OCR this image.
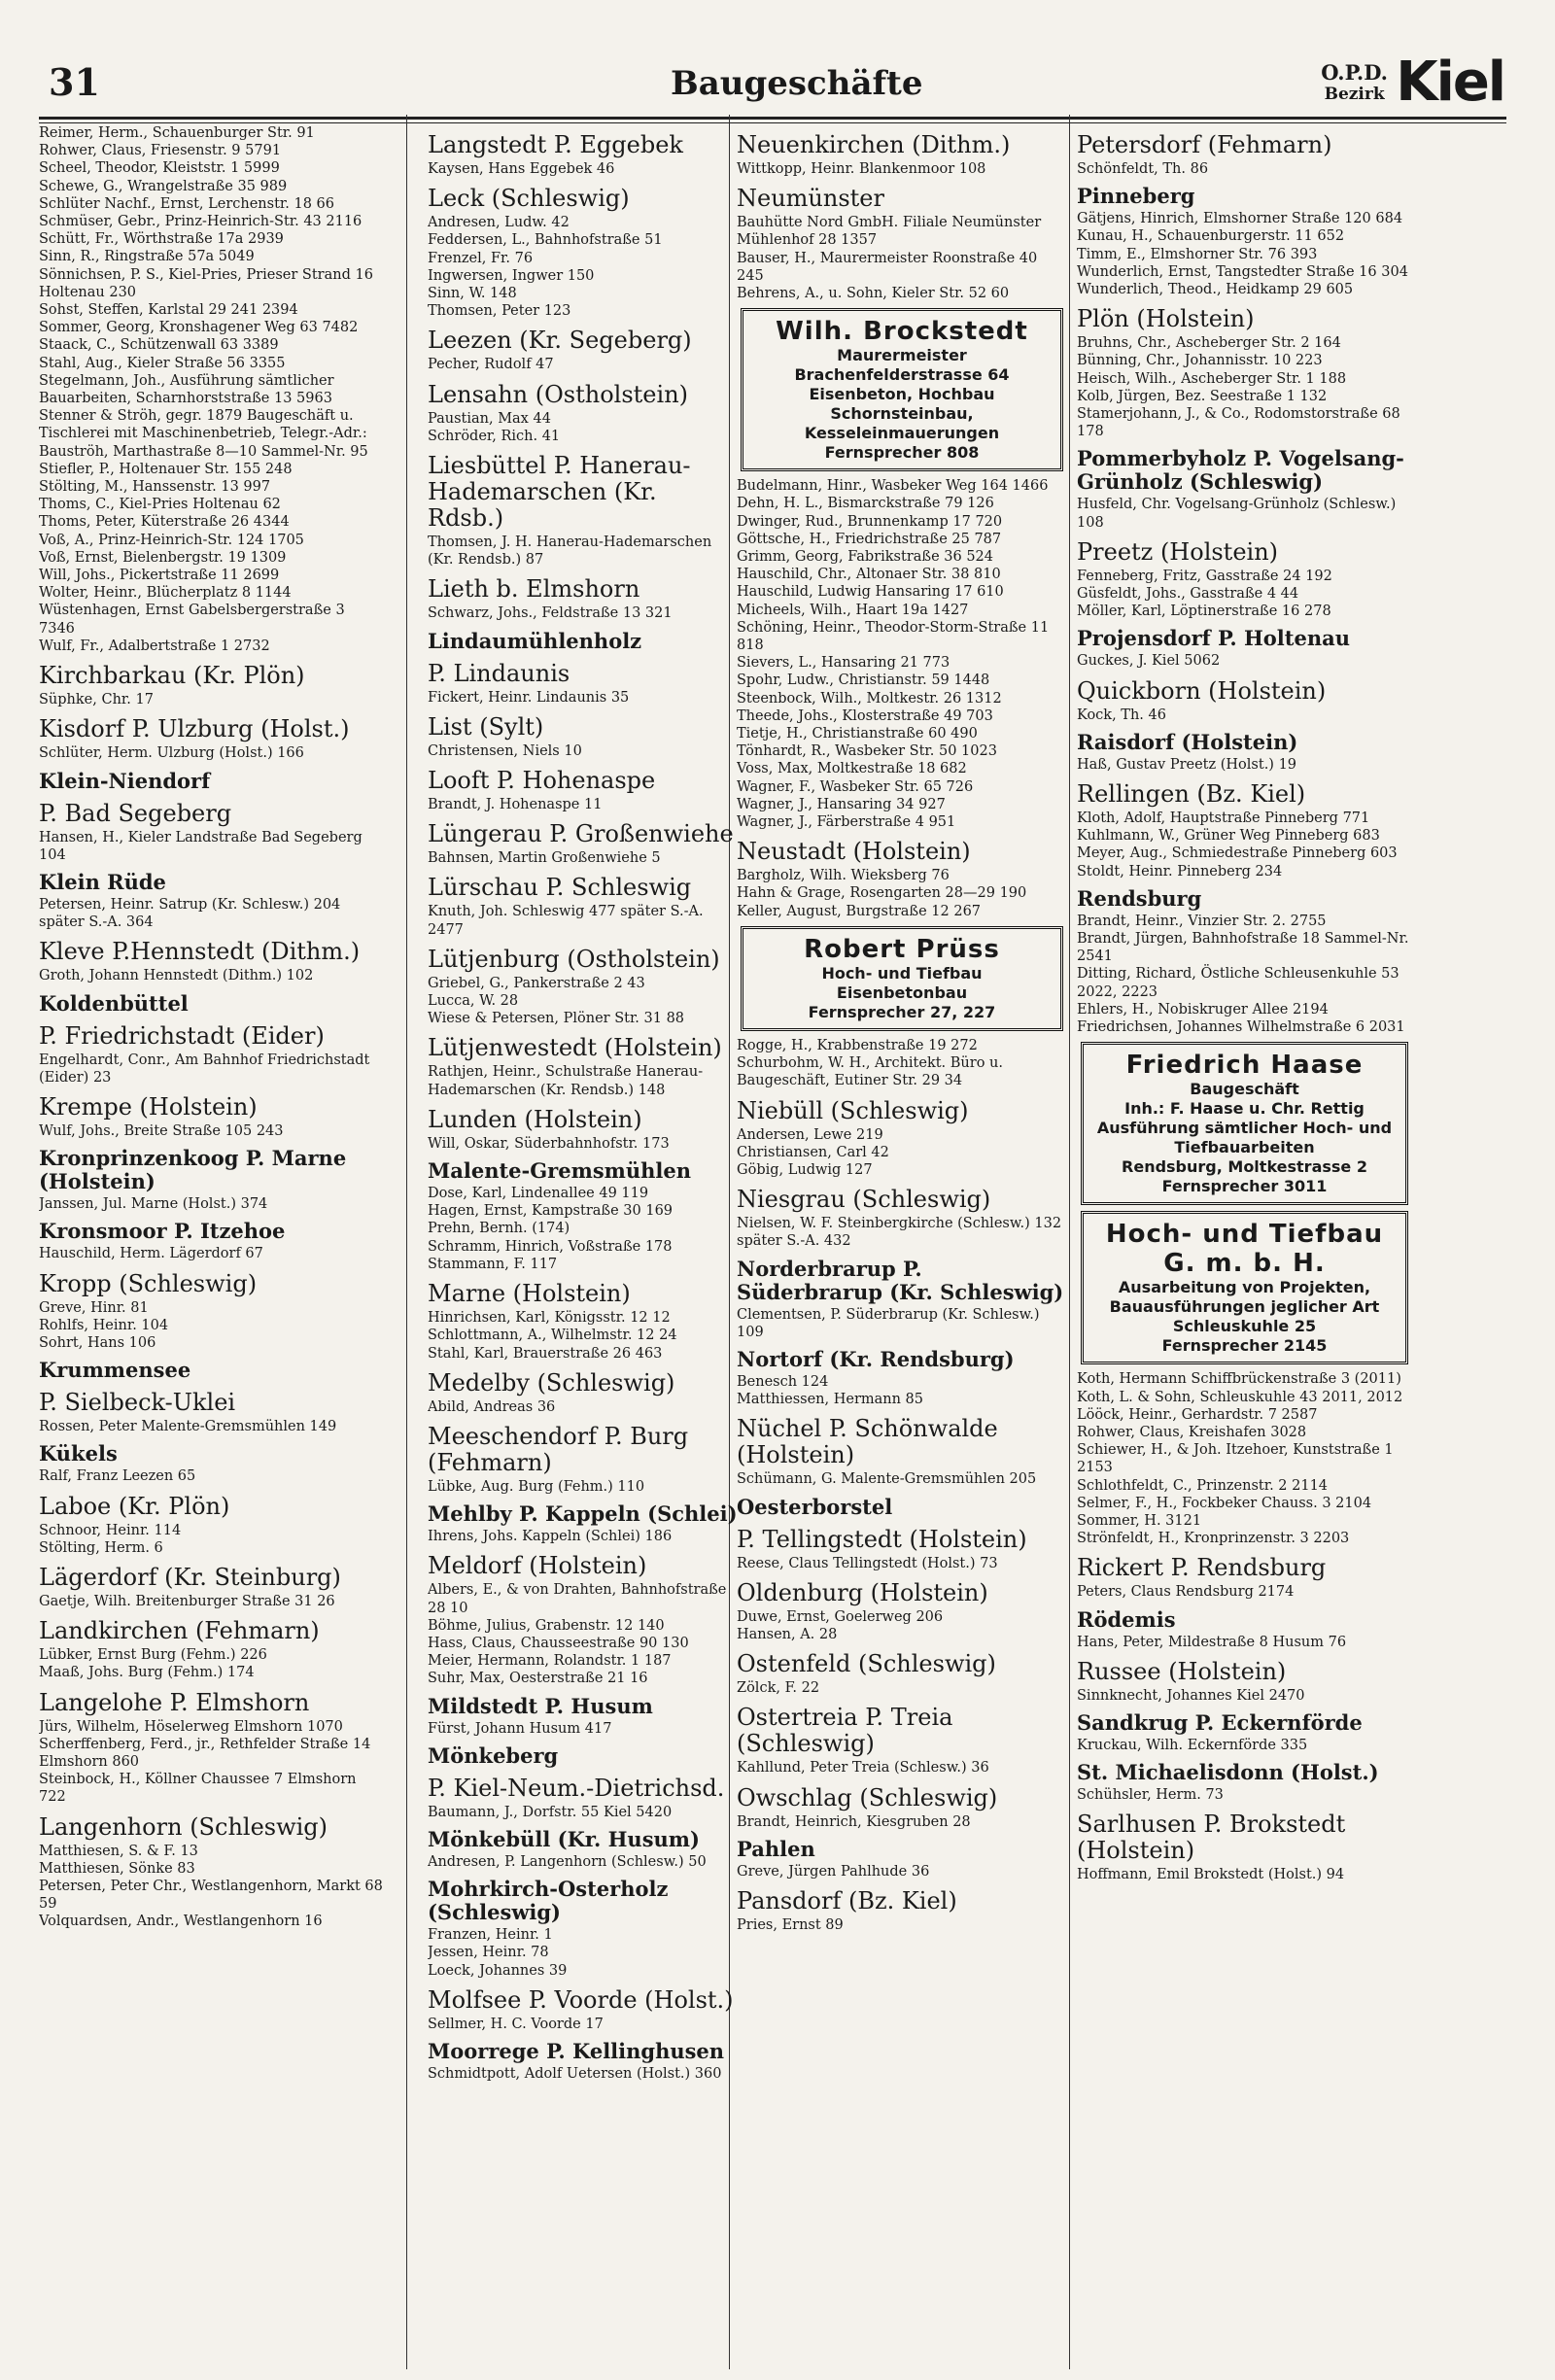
31	Baugeschäfte	O.P.D.
Bezirk Kiel

Reimer, Herm., Schauenburger Str. 91

Rohwer, Claus, Friesenstr. 9 5791

Scheel, Theodor, Kleiststr. 1 5999

Schewe, G., Wrangelstraße 35 989

Schlüter Nachf., Ernst, Lerchenstr. 18 66

Schmüser, Gebr., Prinz-Heinrich-Str. 43 2116

Schütt, Fr., Wörthstraße 17a 2939

Sinn, R., Ringstraße 57a 5049

Sönnichsen, P. S., Kiel-Pries, Prieser Strand 16 Holtenau 230

Sohst, Steffen, Karlstal 29 241 2394

Sommer, Georg, Kronshagener Weg 63 7482

Staack, C., Schützenwall 63 3389

Stahl, Aug., Kieler Straße 56 3355

Stegelmann, Joh., Ausführung sämtlicher Bauarbeiten, Scharnhorststraße 13 5963

Stenner & Ströh, gegr. 1879 Baugeschäft u. Tischlerei mit Maschinenbetrieb, Telegr.-Adr.: Bauströh, Marthastraße 8—10 Sammel-Nr. 95

Stiefler, P., Holtenauer Str. 155 248

Stölting, M., Hanssenstr. 13 997

Thoms, C., Kiel-Pries Holtenau 62

Thoms, Peter, Küterstraße 26 4344

Voß, A., Prinz-Heinrich-Str. 124 1705

Voß, Ernst, Bielenbergstr. 19 1309

Will, Johs., Pickertstraße 11 2699

Wolter, Heinr., Blücherplatz 8 1144

Wüstenhagen, Ernst Gabelsbergerstraße 3 7346

Wulf, Fr., Adalbertstraße 1 2732

Kirchbarkau (Kr. Plön)

Süphke, Chr. 17

Kisdorf P. Ulzburg (Holst.)

Schlüter, Herm. Ulzburg (Holst.) 166

Klein-Niendorf

P. Bad Segeberg

Hansen, H., Kieler Landstraße Bad Segeberg 104

Klein Rüde

Petersen, Heinr. Satrup (Kr. Schlesw.) 204 später S.-A. 364

Kleve P.Hennstedt (Dithm.)

Groth, Johann Hennstedt (Dithm.) 102

Koldenbüttel

P. Friedrichstadt (Eider)

Engelhardt, Conr., Am Bahnhof Friedrichstadt (Eider) 23

Krempe (Holstein)

Wulf, Johs., Breite Straße 105 243

Kronprinzenkoog P. Marne (Holstein)

Janssen, Jul. Marne (Holst.) 374

Kronsmoor P. Itzehoe

Hauschild, Herm. Lägerdorf 67

Kropp (Schleswig)

Greve, Hinr. 81

Rohlfs, Heinr. 104

Sohrt, Hans 106

Krummensee

P. Sielbeck-Uklei

Rossen, Peter Malente-Gremsmühlen 149

Kükels

Ralf, Franz Leezen 65

Laboe (Kr. Plön)

Schnoor, Heinr. 114

Stölting, Herm. 6

Lägerdorf (Kr. Steinburg)

Gaetje, Wilh. Breitenburger Straße 31 26

Landkirchen (Fehmarn)

Lübker, Ernst Burg (Fehm.) 226

Maaß, Johs. Burg (Fehm.) 174

Langelohe P. Elmshorn

Jürs, Wilhelm, Höselerweg Elmshorn 1070

Scherffenberg, Ferd., jr., Rethfelder Straße 14 Elmshorn 860

Steinbock, H., Köllner Chaussee 7 Elmshorn 722

Langenhorn (Schleswig)

Matthiesen, S. & F. 13

Matthiesen, Sönke 83

Petersen, Peter Chr., Westlangenhorn, Markt 68 59

Volquardsen, Andr., Westlangenhorn 16

Langstedt P. Eggebek

Kaysen, Hans Eggebek 46

Leck (Schleswig)

Andresen, Ludw. 42

Feddersen, L., Bahnhofstraße 51

Frenzel, Fr. 76

Ingwersen, Ingwer 150

Sinn, W. 148

Thomsen, Peter 123

Leezen (Kr. Segeberg)

Pecher, Rudolf 47

Lensahn (Ostholstein)

Paustian, Max 44

Schröder, Rich. 41

Liesbüttel P. Hanerau-Hademarschen (Kr. Rdsb.)

Thomsen, J. H. Hanerau-Hademarschen (Kr. Rendsb.) 87

Lieth b. Elmshorn

Schwarz, Johs., Feldstraße 13 321

Lindaumühlenholz

P. Lindaunis

Fickert, Heinr. Lindaunis 35

List (Sylt)

Christensen, Niels 10

Looft P. Hohenaspe

Brandt, J. Hohenaspe 11

Lüngerau P. Großenwiehe

Bahnsen, Martin Großenwiehe 5

Lürschau P. Schleswig

Knuth, Joh. Schleswig 477 später S.-A. 2477

Lütjenburg (Ostholstein)

Griebel, G., Pankerstraße 2 43

Lucca, W. 28

Wiese & Petersen, Plöner Str. 31 88

Lütjenwestedt (Holstein)

Rathjen, Heinr., Schulstraße Hanerau-Hademarschen (Kr. Rendsb.) 148

Lunden (Holstein)

Will, Oskar, Süderbahnhofstr. 173

Malente-Gremsmühlen

Dose, Karl, Lindenallee 49 119

Hagen, Ernst, Kampstraße 30 169

Prehn, Bernh. (174)

Schramm, Hinrich, Voßstraße 178

Stammann, F. 117

Marne (Holstein)

Hinrichsen, Karl, Königsstr. 12 12

Schlottmann, A., Wilhelmstr. 12 24

Stahl, Karl, Brauerstraße 26 463

Medelby (Schleswig)

Abild, Andreas 36

Meeschendorf P. Burg (Fehmarn)

Lübke, Aug. Burg (Fehm.) 110

Mehlby P. Kappeln (Schlei)

Ihrens, Johs. Kappeln (Schlei) 186

Meldorf (Holstein)

Albers, E., & von Drahten, Bahnhofstraße 28 10

Böhme, Julius, Grabenstr. 12 140

Hass, Claus, Chausseestraße 90 130

Meier, Hermann, Rolandstr. 1 187

Suhr, Max, Oesterstraße 21 16

Mildstedt P. Husum

Fürst, Johann Husum 417

Mönkeberg

P. Kiel-Neum.-Dietrichsd.

Baumann, J., Dorfstr. 55 Kiel 5420

Mönkebüll (Kr. Husum)

Andresen, P. Langenhorn (Schlesw.) 50

Mohrkirch-Osterholz (Schleswig)

Franzen, Heinr. 1

Jessen, Heinr. 78

Loeck, Johannes 39

Molfsee P. Voorde (Holst.)

Sellmer, H. C. Voorde 17

Moorrege P. Kellinghusen

Schmidtpott, Adolf Uetersen (Holst.) 360

Neuenkirchen (Dithm.)

Wittkopp, Heinr. Blankenmoor 108

Neumünster

Bauhütte Nord GmbH. Filiale Neumünster Mühlenhof 28 1357

Bauser, H., Maurermeister Roonstraße 40 245

Behrens, A., u. Sohn, Kieler Str. 52 60

Wilh. Brockstedt
Maurermeister
Brachenfelderstrasse 64
Eisenbeton, Hochbau
Schornsteinbau, Kesseleinmauerungen
Fernsprecher 808

Budelmann, Hinr., Wasbeker Weg 164 1466

Dehn, H. L., Bismarckstraße 79 126

Dwinger, Rud., Brunnenkamp 17 720

Göttsche, H., Friedrichstraße 25 787

Grimm, Georg, Fabrikstraße 36 524

Hauschild, Chr., Altonaer Str. 38 810

Hauschild, Ludwig Hansaring 17 610

Micheels, Wilh., Haart 19a 1427

Schöning, Heinr., Theodor-Storm-Straße 11 818

Sievers, L., Hansaring 21 773

Spohr, Ludw., Christianstr. 59 1448

Steenbock, Wilh., Moltkestr. 26 1312

Theede, Johs., Klosterstraße 49 703

Tietje, H., Christianstraße 60 490

Tönhardt, R., Wasbeker Str. 50 1023

Voss, Max, Moltkestraße 18 682

Wagner, F., Wasbeker Str. 65 726

Wagner, J., Hansaring 34 927

Wagner, J., Färberstraße 4 951

Neustadt (Holstein)

Bargholz, Wilh. Wieksberg 76

Hahn & Grage, Rosengarten 28—29 190

Keller, August, Burgstraße 12 267

Robert Prüss
Hoch- und Tiefbau
Eisenbetonbau
Fernsprecher 27, 227

Rogge, H., Krabbenstraße 19 272

Schurbohm, W. H., Architekt. Büro u. Baugeschäft, Eutiner Str. 29 34

Niebüll (Schleswig)

Andersen, Lewe 219

Christiansen, Carl 42

Göbig, Ludwig 127

Niesgrau (Schleswig)

Nielsen, W. F. Steinbergkirche (Schlesw.) 132 später S.-A. 432

Norderbrarup P. Süderbrarup (Kr. Schleswig)

Clementsen, P. Süderbrarup (Kr. Schlesw.) 109

Nortorf (Kr. Rendsburg)

Benesch 124

Matthiessen, Hermann 85

Nüchel P. Schönwalde (Holstein)

Schümann, G. Malente-Gremsmühlen 205

Oesterborstel

P. Tellingstedt (Holstein)

Reese, Claus Tellingstedt (Holst.) 73

Oldenburg (Holstein)

Duwe, Ernst, Goelerweg 206

Hansen, A. 28

Ostenfeld (Schleswig)

Zölck, F. 22

Ostertreia P. Treia (Schleswig)

Kahllund, Peter Treia (Schlesw.) 36

Owschlag (Schleswig)

Brandt, Heinrich, Kiesgruben 28

Pahlen

Greve, Jürgen Pahlhude 36

Pansdorf (Bz. Kiel)

Pries, Ernst 89

Petersdorf (Fehmarn)

Schönfeldt, Th. 86

Pinneberg

Gätjens, Hinrich, Elmshorner Straße 120 684

Kunau, H., Schauenburgerstr. 11 652

Timm, E., Elmshorner Str. 76 393

Wunderlich, Ernst, Tangstedter Straße 16 304

Wunderlich, Theod., Heidkamp 29 605

Plön (Holstein)

Bruhns, Chr., Ascheberger Str. 2 164

Bünning, Chr., Johannisstr. 10 223

Heisch, Wilh., Ascheberger Str. 1 188

Kolb, Jürgen, Bez. Seestraße 1 132

Stamerjohann, J., & Co., Rodomstorstraße 68 178

Pommerbyholz P. Vogelsang-Grünholz (Schleswig)

Husfeld, Chr. Vogelsang-Grünholz (Schlesw.) 108

Preetz (Holstein)

Fenneberg, Fritz, Gasstraße 24 192

Güsfeldt, Johs., Gasstraße 4 44

Möller, Karl, Löptinerstraße 16 278

Projensdorf P. Holtenau

Guckes, J. Kiel 5062

Quickborn (Holstein)

Kock, Th. 46

Raisdorf (Holstein)

Haß, Gustav Preetz (Holst.) 19

Rellingen (Bz. Kiel)

Kloth, Adolf, Hauptstraße Pinneberg 771

Kuhlmann, W., Grüner Weg Pinneberg 683

Meyer, Aug., Schmiedestraße Pinneberg 603

Stoldt, Heinr. Pinneberg 234

Rendsburg

Brandt, Heinr., Vinzier Str. 2. 2755

Brandt, Jürgen, Bahnhofstraße 18 Sammel-Nr. 2541

Ditting, Richard, Östliche Schleusenkuhle 53 2022, 2223

Ehlers, H., Nobiskruger Allee 2194

Friedrichsen, Johannes Wilhelmstraße 6 2031

Friedrich Haase
Baugeschäft
Inh.: F. Haase u. Chr. Rettig
Ausführung sämtlicher Hoch- und Tiefbauarbeiten
Rendsburg, Moltkestrasse 2
Fernsprecher 3011
Hoch- und Tiefbau G. m. b. H.
Ausarbeitung von Projekten, Bauausführungen jeglicher Art
Schleuskuhle 25
Fernsprecher 2145

Koth, Hermann Schiffbrückenstraße 3 (2011)

Koth, L. & Sohn, Schleuskuhle 43 2011, 2012

Lööck, Heinr., Gerhardstr. 7 2587

Rohwer, Claus, Kreishafen 3028

Schiewer, H., & Joh. Itzehoer, Kunststraße 1 2153

Schlothfeldt, C., Prinzenstr. 2 2114

Selmer, F., H., Fockbeker Chauss. 3 2104

Sommer, H. 3121

Strönfeldt, H., Kronprinzenstr. 3 2203

Rickert P. Rendsburg

Peters, Claus Rendsburg 2174

Rödemis

Hans, Peter, Mildestraße 8 Husum 76

Russee (Holstein)

Sinnknecht, Johannes Kiel 2470

Sandkrug P. Eckernförde

Kruckau, Wilh. Eckernförde 335

St. Michaelisdonn (Holst.)

Schühsler, Herm. 73

Sarlhusen P. Brokstedt (Holstein)

Hoffmann, Emil Brokstedt (Holst.) 94
